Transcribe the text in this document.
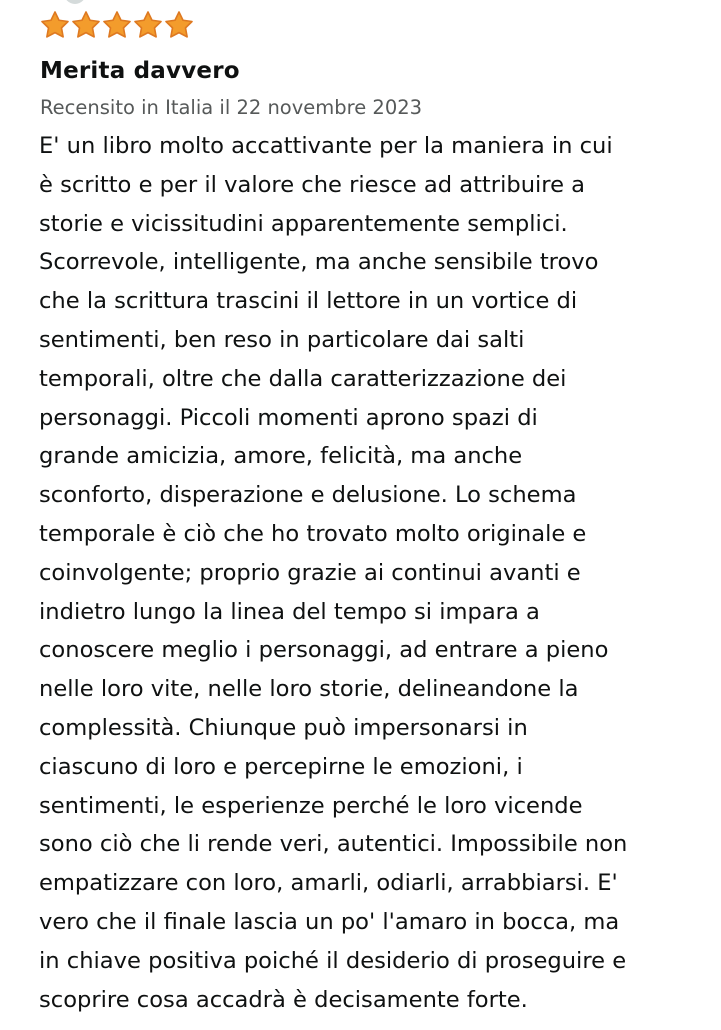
Merita davvero

Recensito in Italia il 22 novembre 2023

E' un libro molto accattivante per la maniera in cui
è scritto e per il valore che riesce ad attribuire a
storie e vicissitudini apparentemente semplici.
Scorrevole, intelligente, ma anche sensibile trovo
che la scrittura trascini il lettore in un vortice di
sentimenti, ben reso in particolare dai salti
temporali, oltre che dalla caratterizzazione dei
personaggi. Piccoli momenti aprono spazi di
grande amicizia, amore, felicità, ma anche
sconforto, disperazione e delusione. Lo schema
temporale è ciò che ho trovato molto originale e
coinvolgente; proprio grazie ai continui avanti e
indietro lungo la linea del tempo si impara a
conoscere meglio i personaggi, ad entrare a pieno
nelle loro vite, nelle loro storie, delineandone la
complessità. Chiunque può impersonarsi in
ciascuno di loro e percepirne le emozioni, i
sentimenti, le esperienze perché le loro vicende
sono ciò che li rende veri, autentici. Impossibile non
empatizzare con loro, amarli, odiarli, arrabbiarsi. E'
vero che il finale lascia un po' l'amaro in bocca, ma
in chiave positiva poiché il desiderio di proseguire e
scoprire cosa accadrà è decisamente forte.
